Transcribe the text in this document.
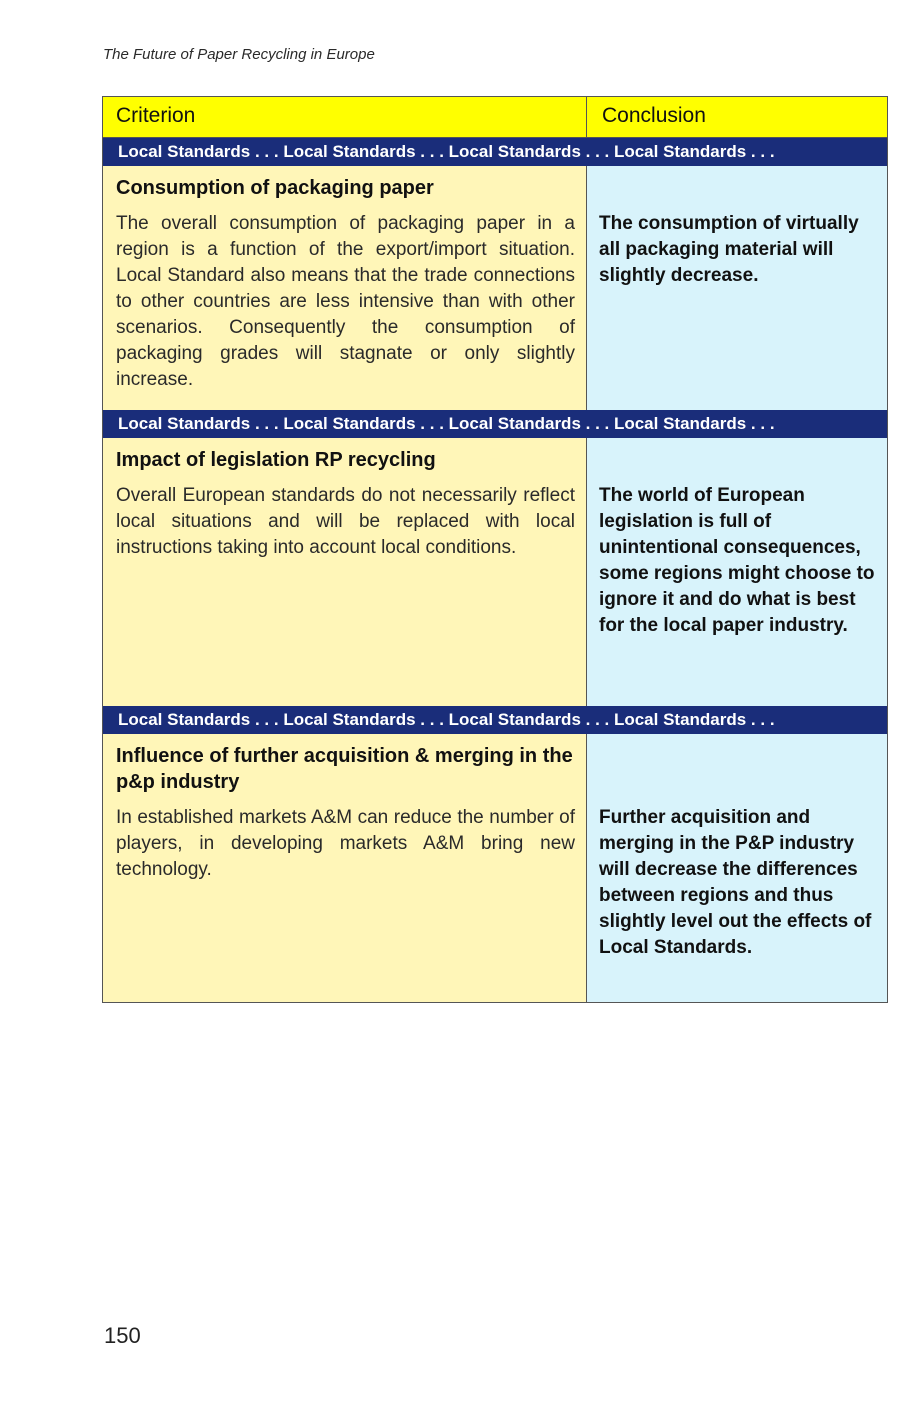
The Future of Paper Recycling in Europe
Criterion	Conclusion
Local Standards . . . Local Standards . . . Local Standards . . . Local Standards . . .

Consumption of packaging paper

The overall consumption of packaging paper in a region is a function of the export/import situation. Local Standard also means that the trade connections to other countries are less intensive than with other scenarios. Consequently the consumption of packaging grades will stagnate or only slightly increase.

The consumption of virtually all packaging material will slightly decrease.

Local Standards . . . Local Standards . . . Local Standards . . . Local Standards . . .

Impact of legislation RP recycling

Overall European standards do not necessarily reflect local situations and will be replaced with local instructions taking into account local conditions.

The world of European legislation is full of unintentional consequences, some regions might choose to ignore it and do what is best for the local paper industry.

Local Standards . . . Local Standards . . . Local Standards . . . Local Standards . . .

Influence of further acquisition & merging in the p&p industry

In established markets A&M can reduce the number of players, in developing markets A&M bring new technology.

Further acquisition and merging in the P&P industry will decrease the differences between regions and thus slightly level out the effects of Local Standards.

150
